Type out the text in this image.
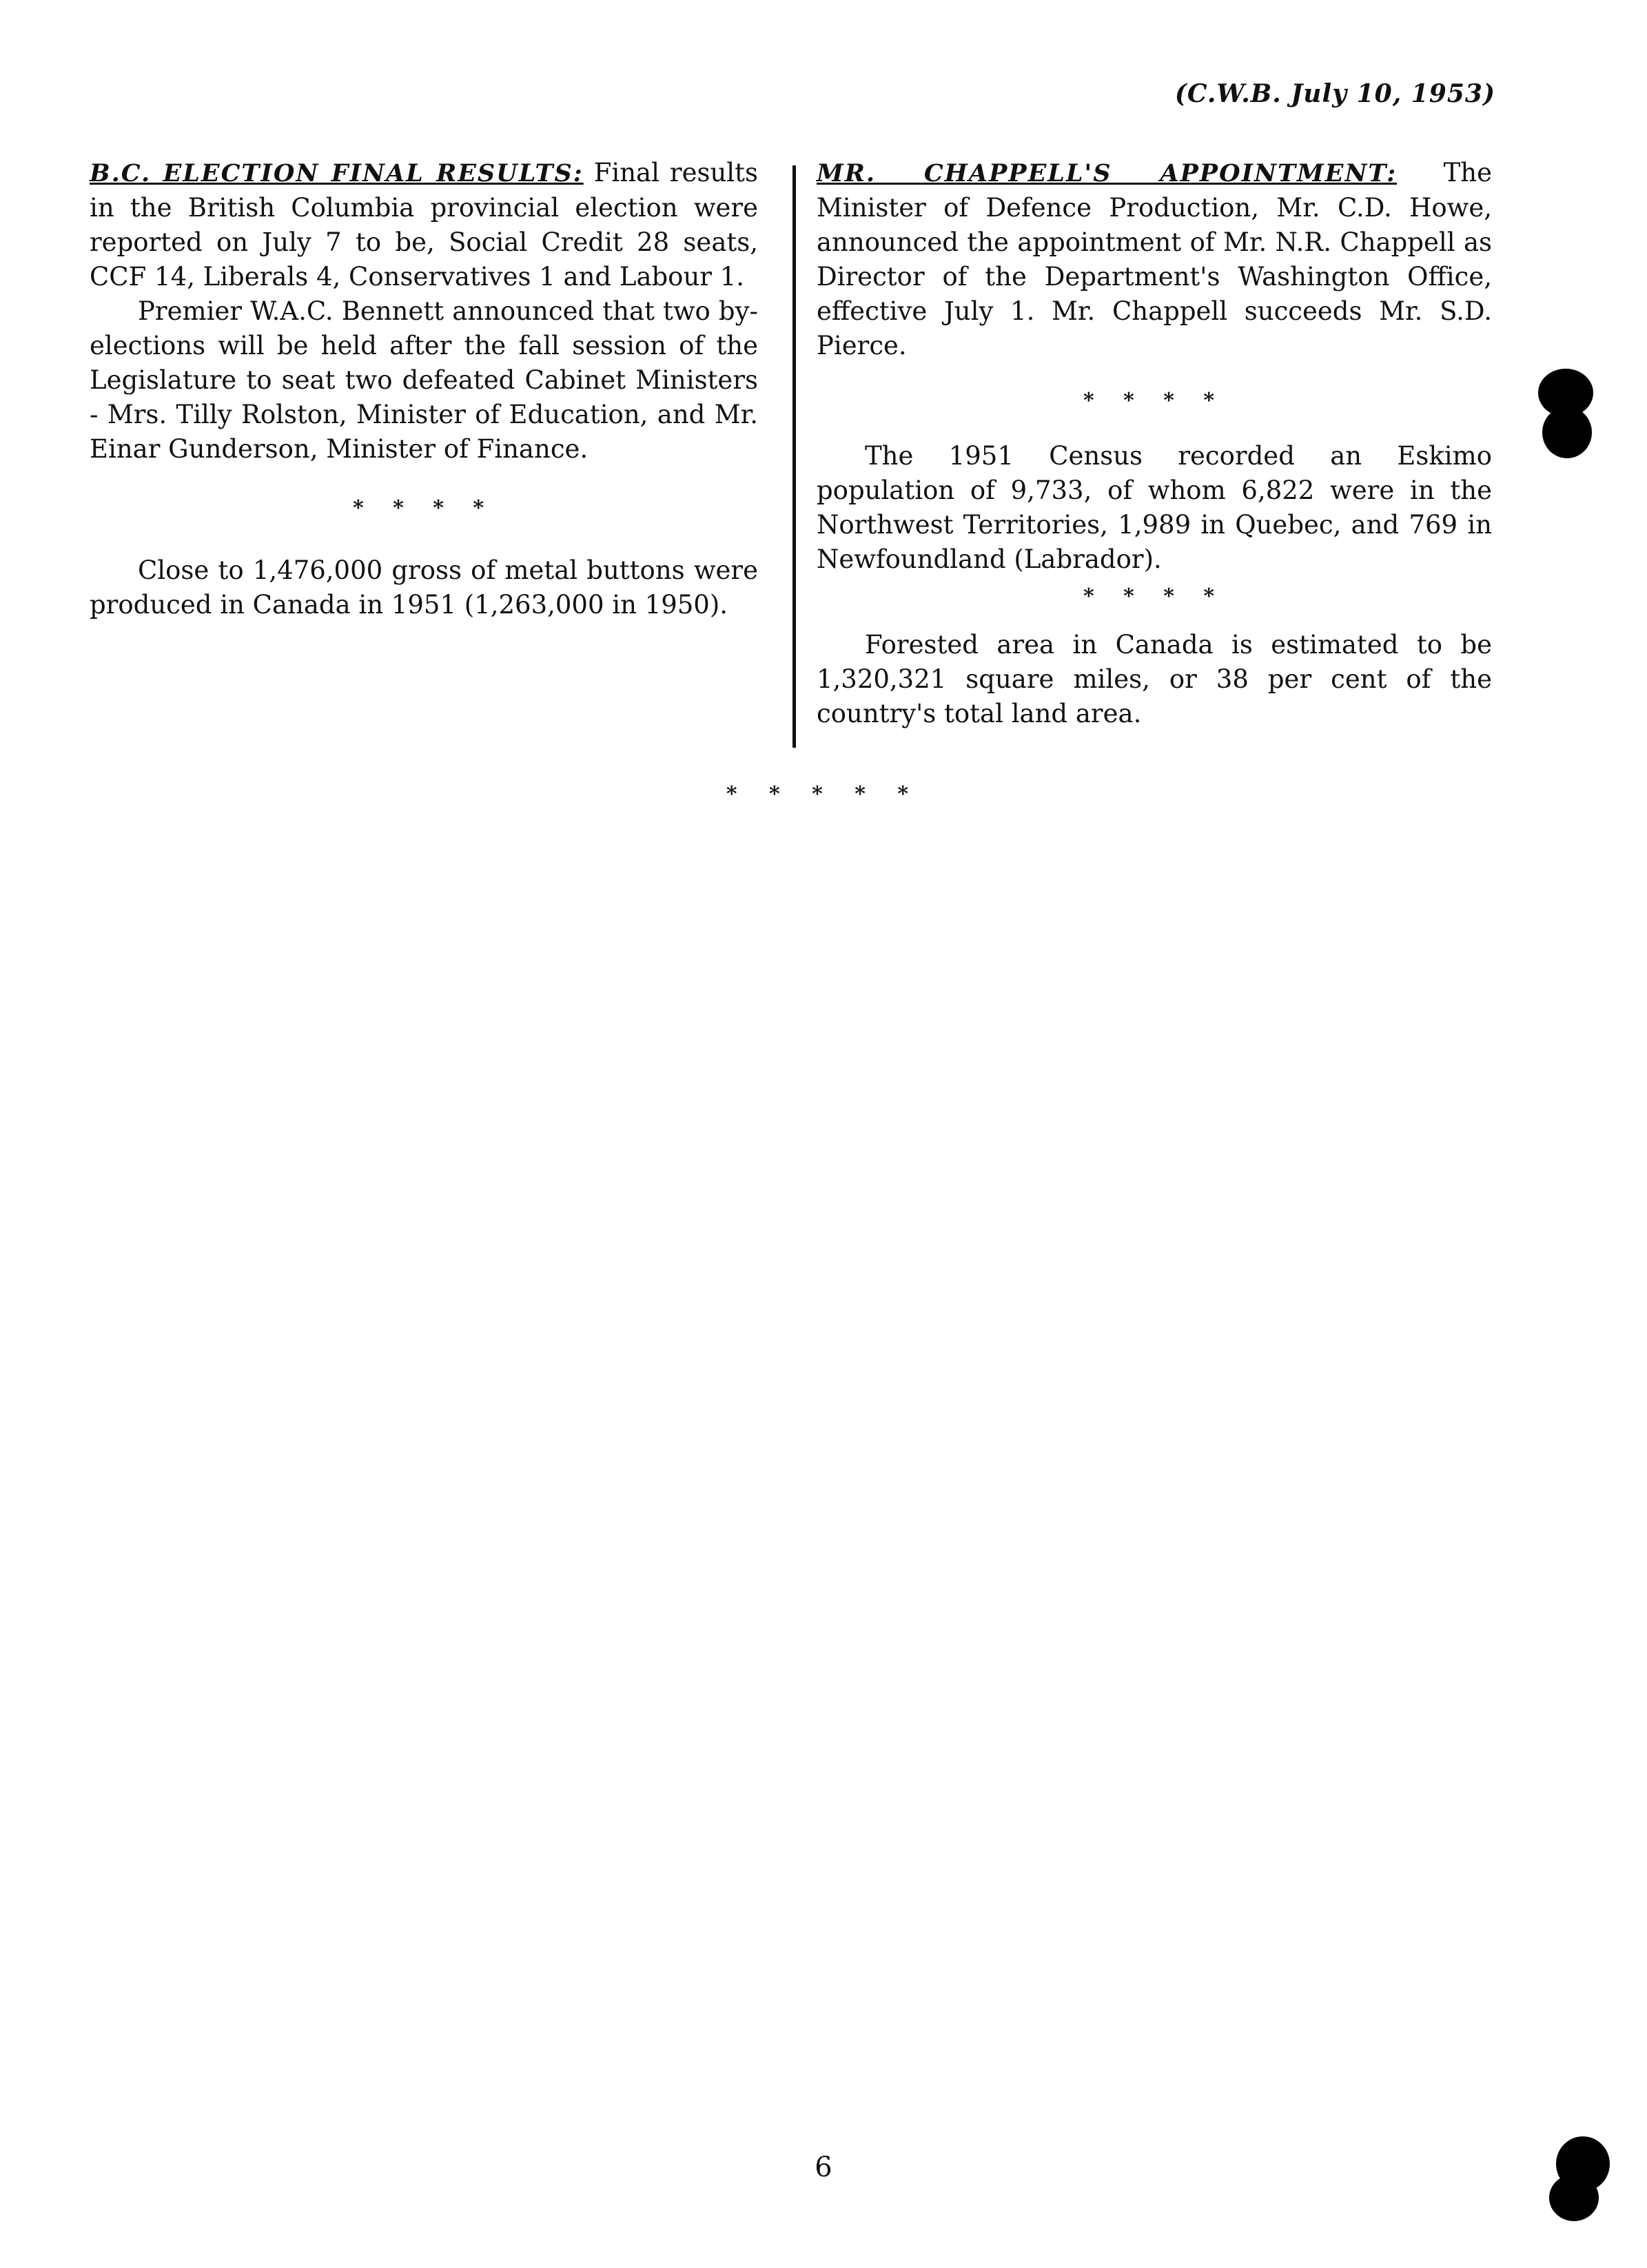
(C.W.B. July 10, 1953)

B.C. ELECTION FINAL RESULTS: Final results in the British Columbia provincial election were reported on July 7 to be, Social Credit 28 seats, CCF 14, Liberals 4, Conservatives 1 and Labour 1.

Premier W.A.C. Bennett announced that two by-elections will be held after the fall session of the Legislature to seat two defeated Cabinet Ministers - Mrs. Tilly Rolston, Minister of Education, and Mr. Einar Gunderson, Minister of Finance.

* * * *

Close to 1,476,000 gross of metal buttons were produced in Canada in 1951 (1,263,000 in 1950).

MR. CHAPPELL'S APPOINTMENT: The Minister of Defence Production, Mr. C.D. Howe, announced the appointment of Mr. N.R. Chappell as Director of the Department's Washington Office, effective July 1. Mr. Chappell succeeds Mr. S.D. Pierce.

* * * *

The 1951 Census recorded an Eskimo population of 9,733, of whom 6,822 were in the Northwest Territories, 1,989 in Quebec, and 769 in Newfoundland (Labrador).

* * * *

Forested area in Canada is estimated to be 1,320,321 square miles, or 38 per cent of the country's total land area.

* * * * *
6
